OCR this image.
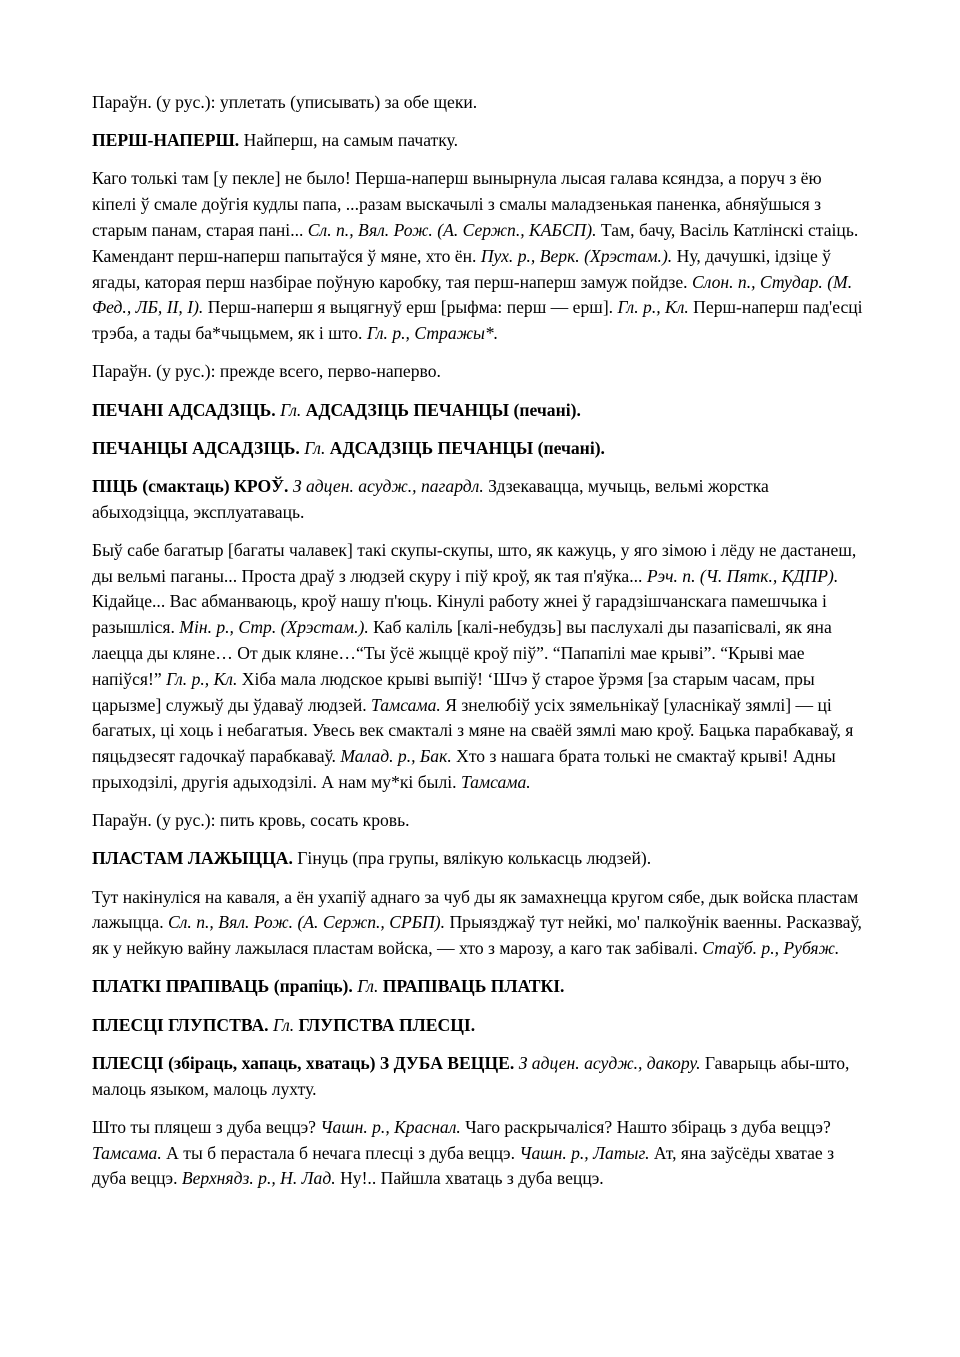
Параўн. (у рус.): уплетать (уписывать) за обе щеки.

ПЕРШ-НАПЕРШ. Найперш, на самым пачатку.

Каго толькі там [у пекле] не было! Перша-наперш вынырнула лысая галава ксяндза, а поруч з ёю кіпелі ў смале доўгія кудлы папа, ...разам выскачылі з смалы маладзенькая паненка, абняўшыся з старым панам, старая пані... Сл. п., Вял. Рож. (А. Сержп., КАБСП). Там, бачу, Васіль Катлінскі стаіць. Камендант перш-наперш папытаўся ў мяне, хто ён. Пух. р., Верк. (Хрэстам.). Ну, дачушкі, ідзіце ў ягады, каторая перш назбірае поўную каробку, тая перш-наперш замуж пойдзе. Слон. п., Студар. (М. Фед., ЛБ, II, I). Перш-наперш я выцягнуў ерш [рыфма: перш — ерш]. Гл. р., Кл. Перш-наперш пад'есці трэба, а тады ба*чыцьмем, як і што. Гл. р., Стражы*.

Параўн. (у рус.): прежде всего, перво-наперво.

ПЕЧАНІ АДСАДЗІЦЬ. Гл. АДСАДЗІЦЬ ПЕЧАНЦЫ (печані).

ПЕЧАНЦЫ АДСАДЗІЦЬ. Гл. АДСАДЗІЦЬ ПЕЧАНЦЫ (печані).

ПІЦЬ (смактаць) КРОЎ. З адцен. асудж., пагардл. Здзекавацца, мучыць, вельмі жорстка абыходзіцца, эксплуатаваць.

Быў сабе багатыр [багаты чалавек] такі скупы-скупы, што, як кажуць, у яго зімою і лёду не дастанеш, ды вельмі паганы... Проста драў з людзей скуру і піў кроў, як тая п'яўка... Рэч. п. (Ч. Пятк., КДПР). Кідайце... Вас абманваюць, кроў нашу п'юць. Кінулі работу жнеі ў гарадзішчанскага памешчыка і разышліся. Мін. р., Стр. (Хрэстам.). Каб каліль [калі-небудзь] вы паслухалі ды пазапісвалі, як яна лаецца ды кляне… От дык кляне…“Ты ўсё жыццё кроў піў”. “Папапілі мае крыві”. “Крыві мае напіўся!” Гл. р., Кл. Хіба мала людское крыві выпіў! ‘Шчэ ў старое ўрэмя [за старым часам, пры царызме] служыў ды ўдаваў людзей. Тамсама. Я знелюбіў усіх зямельнікаў [уласнікаў зямлі] — ці багатых, ці хоць і небагатыя. Увесь век смакталі з мяне на сваёй зямлі маю кроў. Бацька парабкаваў, я пяцьдзесят гадочкаў парабкаваў. Малад. р., Бак. Хто з нашага брата толькі не смактаў крыві! Адны прыходзілі, другія адыходзілі. А нам му*кі былі. Тамсама.

Параўн. (у рус.): пить кровь, сосать кровь.

ПЛАСТАМ ЛАЖЫЦЦА. Гінуць (пра групы, вялікую колькасць людзей).

Тут накінуліся на каваля, а ён ухапіў аднаго за чуб ды як замахнецца кругом сябе, дык войска пластам лажыцца. Сл. п., Вял. Рож. (А. Сержп., СРБП). Прыязджаў тут нейкі, мо' палкоўнік ваенны. Расказваў, як у нейкую вайну лажылася пластам войска, — хто з марозу, а каго так забівалі. Стаўб. р., Рубяж.

ПЛАТКІ ПРАПІВАЦЬ (прапіць). Гл. ПРАПІВАЦЬ ПЛАТКІ.

ПЛЕСЦІ ГЛУПСТВА. Гл. ГЛУПСТВА ПЛЕСЦІ.

ПЛЕСЦІ (збіраць, хапаць, хватаць) З ДУБА ВЕЦЦЕ. З адцен. асудж., дакору. Гаварыць абы-што, малоць языком, малоць лухту.

Што ты пляцеш з дуба веццэ? Чашн. р., Краснал. Чаго раскрычаліся? Нашто збіраць з дуба веццэ? Тамсама. А ты б перастала б нечага плесці з дуба веццэ. Чашн. р., Латыг. Ат, яна заўсёды хватае з дуба веццэ. Верхнядз. р., Н. Лад. Ну!.. Пайшла хватаць з дуба веццэ.
